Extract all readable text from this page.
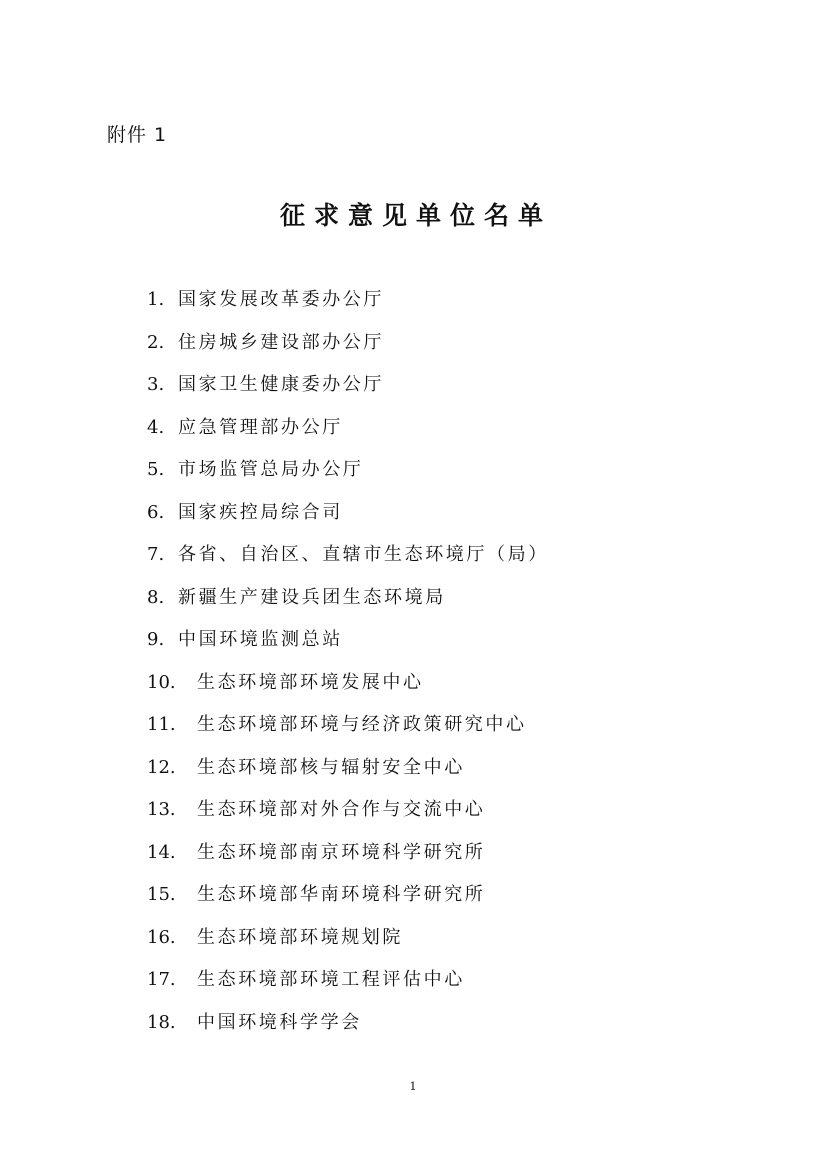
附件 1
征求意见单位名单
1. 国家发展改革委办公厅
2. 住房城乡建设部办公厅
3. 国家卫生健康委办公厅
4. 应急管理部办公厅
5. 市场监管总局办公厅
6. 国家疾控局综合司
7. 各省、自治区、直辖市生态环境厅（局）
8. 新疆生产建设兵团生态环境局
9. 中国环境监测总站
10.	生态环境部环境发展中心
11.	生态环境部环境与经济政策研究中心
12.	生态环境部核与辐射安全中心
13.	生态环境部对外合作与交流中心
14.	生态环境部南京环境科学研究所
15.	生态环境部华南环境科学研究所
16.	生态环境部环境规划院
17.	生态环境部环境工程评估中心
18.	中国环境科学学会
1
